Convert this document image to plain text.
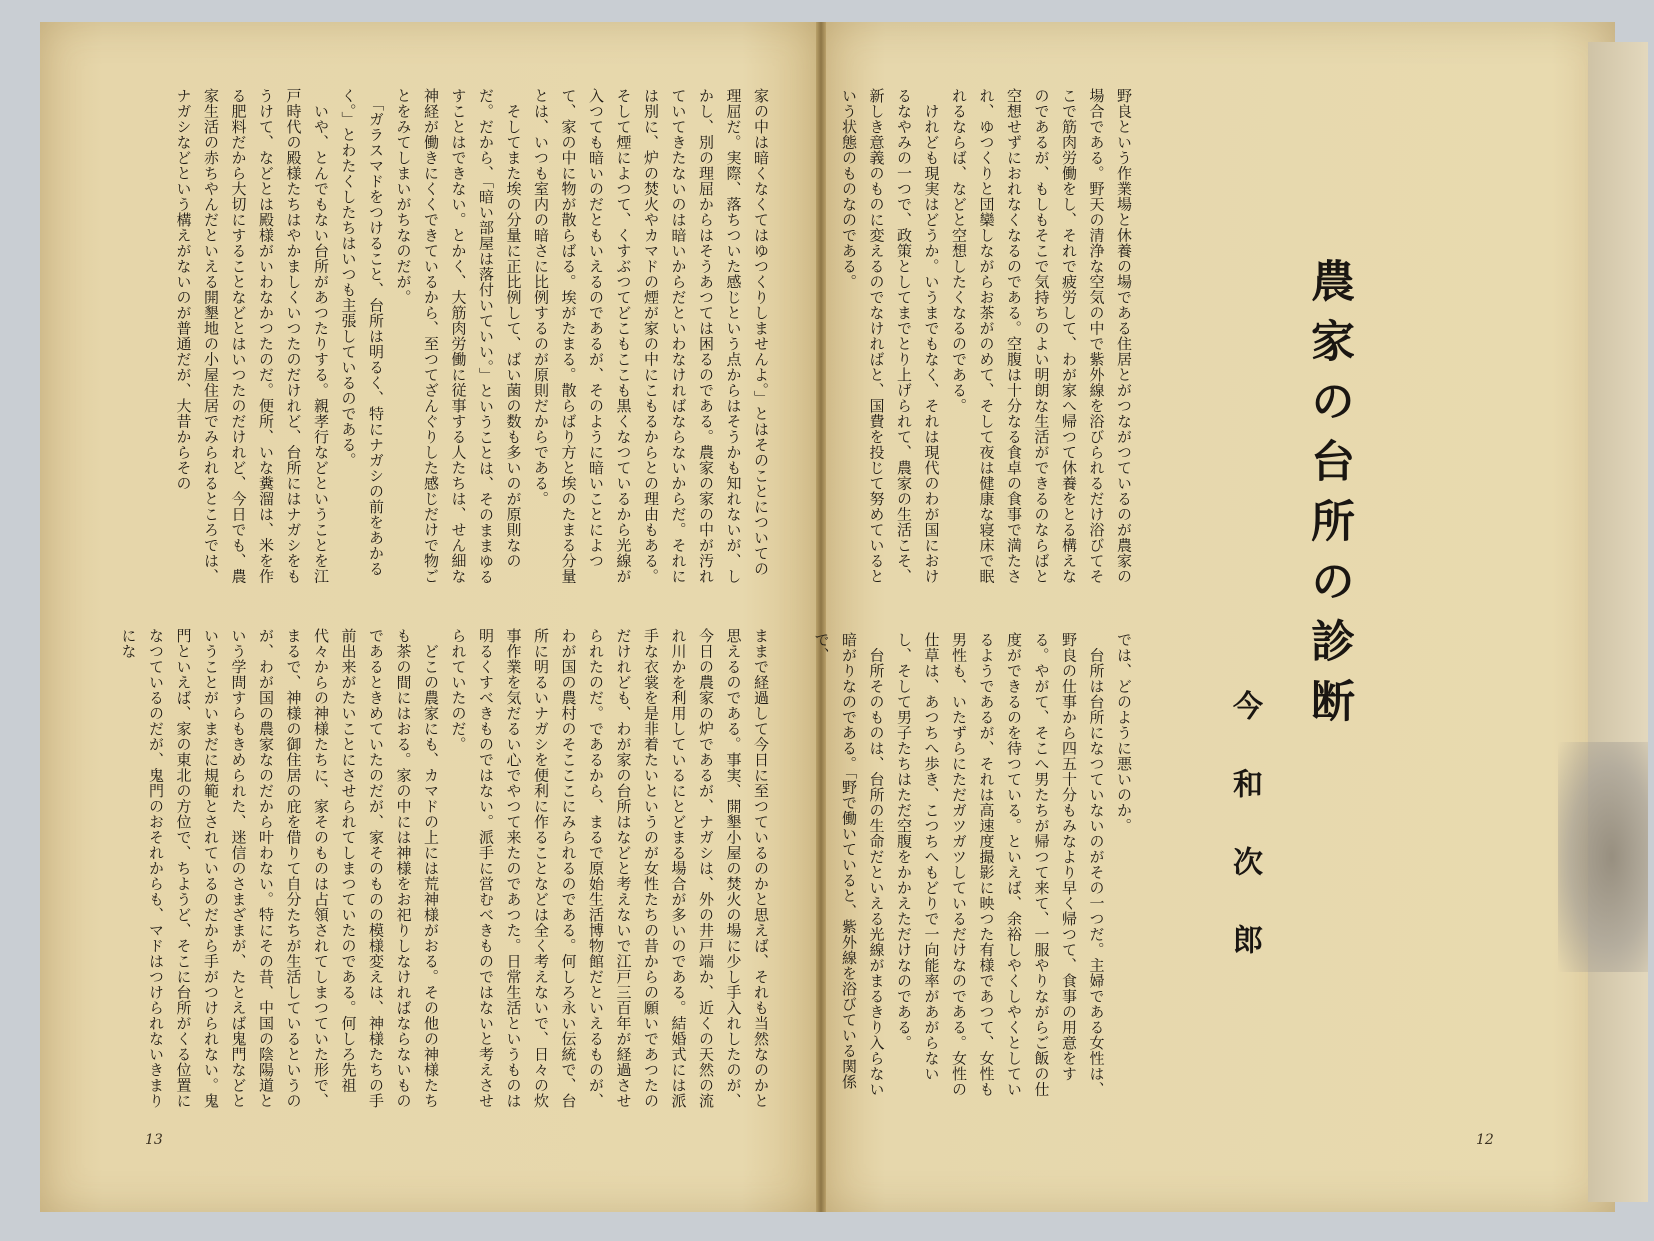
農家の台所の診断
今和次郎
野良という作業場と休養の場である住居とがつながつているのが農家の場合である。野天の清浄な空気の中で紫外線を浴びられるだけ浴びてそこで筋肉労働をし、それで疲労して、わが家へ帰つて休養をとる構えなのであるが、もしもそこで気持ちのよい明朗な生活ができるのならばと空想せずにおれなくなるのである。空腹は十分なる食卓の食事で満たされ、ゆつくりと団欒しながらお茶がのめて、そして夜は健康な寝床で眠れるならば、などと空想したくなるのである。
　けれども現実はどうか。いうまでもなく、それは現代のわが国におけるなやみの一つで、政策としてまでとり上げられて、農家の生活こそ、新しき意義のものに変えるのでなければと、国費を投じて努めているという状態のものなのである。
では、どのように悪いのか。
　台所は台所になつていないのがその一つだ。主婦である女性は、野良の仕事から四五十分もみなより早く帰つて、食事の用意をする。やがて、そこへ男たちが帰つて来て、一服やりながらご飯の仕度ができるのを待つている。といえば、余裕しやくしやくとしているようであるが、それは高速度撮影に映つた有様であつて、女性も男性も、いたずらにただガツガツしているだけなのである。女性の仕草は、あつちへ歩き、こつちへもどりで一向能率があがらないし、そして男子たちはただ空腹をかかえただけなのである。
　台所そのものは、台所の生命だといえる光線がまるきり入らない暗がりなのである。「野で働いていると、紫外線を浴びている関係で、
12
家の中は暗くなくてはゆつくりしませんよ。」とはそのことについての理屈だ。実際、落ちついた感じという点からはそうかも知れないが、しかし、別の理屈からはそうあつては困るのである。農家の家の中が汚れていてきたないのは暗いからだといわなければならないからだ。それには別に、炉の焚火やカマドの煙が家の中にこもるからとの理由もある。そして煙によつて、くすぶつてどこもここも黒くなつているから光線が入つても暗いのだともいえるのであるが、そのように暗いことによつて、家の中に物が散らばる。埃がたまる。散らばり方と埃のたまる分量とは、いつも室内の暗さに比例するのが原則だからである。
　そしてまた埃の分量に正比例して、ばい菌の数も多いのが原則なのだ。だから、「暗い部屋は落付いていい。」ということは、そのままゆるすことはできない。とかく、大筋肉労働に従事する人たちは、せん細な神経が働きにくくできているから、至つてざんぐりした感じだけで物ごとをみてしまいがちなのだが。
　「ガラスマドをつけること、台所は明るく、特にナガシの前をあかるく。」とわたくしたちはいつも主張しているのである。
　いや、とんでもない台所があつたりする。親孝行などということを江戸時代の殿様たちはやかましくいつたのだけれど、台所にはナガシをもうけて、などとは殿様がいわなかつたのだ。便所、いな糞溜は、米を作る肥料だから大切にすることなどとはいつたのだけれど、今日でも、農家生活の赤ちやんだといえる開墾地の小屋住居でみられるところでは、ナガシなどという構えがないのが普通だが、大昔からその
ままで経過して今日に至つているのかと思えば、それも当然なのかと思えるのである。事実、開墾小屋の焚火の場に少し手入れしたのが、今日の農家の炉であるが、ナガシは、外の井戸端か、近くの天然の流れ川かを利用しているにとどまる場合が多いのである。結婚式には派手な衣裳を是非着たいというのが女性たちの昔からの願いであつたのだけれども、わが家の台所はなどと考えないで江戸三百年が経過させられたのだ。であるから、まるで原始生活博物館だといえるものが、わが国の農村のそこここにみられるのである。何しろ永い伝統で、台所に明るいナガシを便利に作ることなどは全く考えないで、日々の炊事作業を気だるい心でやつて来たのであつた。日常生活というものは明るくすべきものではない。派手に営むべきものではないと考えさせられていたのだ。
　どこの農家にも、カマドの上には荒神様がおる。その他の神様たちも茶の間にはおる。家の中には神様をお祀りしなければならないものであるときめていたのだが、家そのものの模様変えは、神様たちの手前出来がたいことにさせられてしまつていたのである。何しろ先祖代々からの神様たちに、家そのものは占領されてしまつていた形で、まるで、神様の御住居の庇を借りて自分たちが生活しているというのが、わが国の農家なのだから叶わない。特にその昔、中国の陰陽道という学問すらもきめられた、迷信のさまざまが、たとえば鬼門などということがいまだに規範とされているのだから手がつけられない。鬼門といえば、家の東北の方位で、ちようど、そこに台所がくる位置になつているのだが、鬼門のおそれからも、マドはつけられないきまりにな
13
